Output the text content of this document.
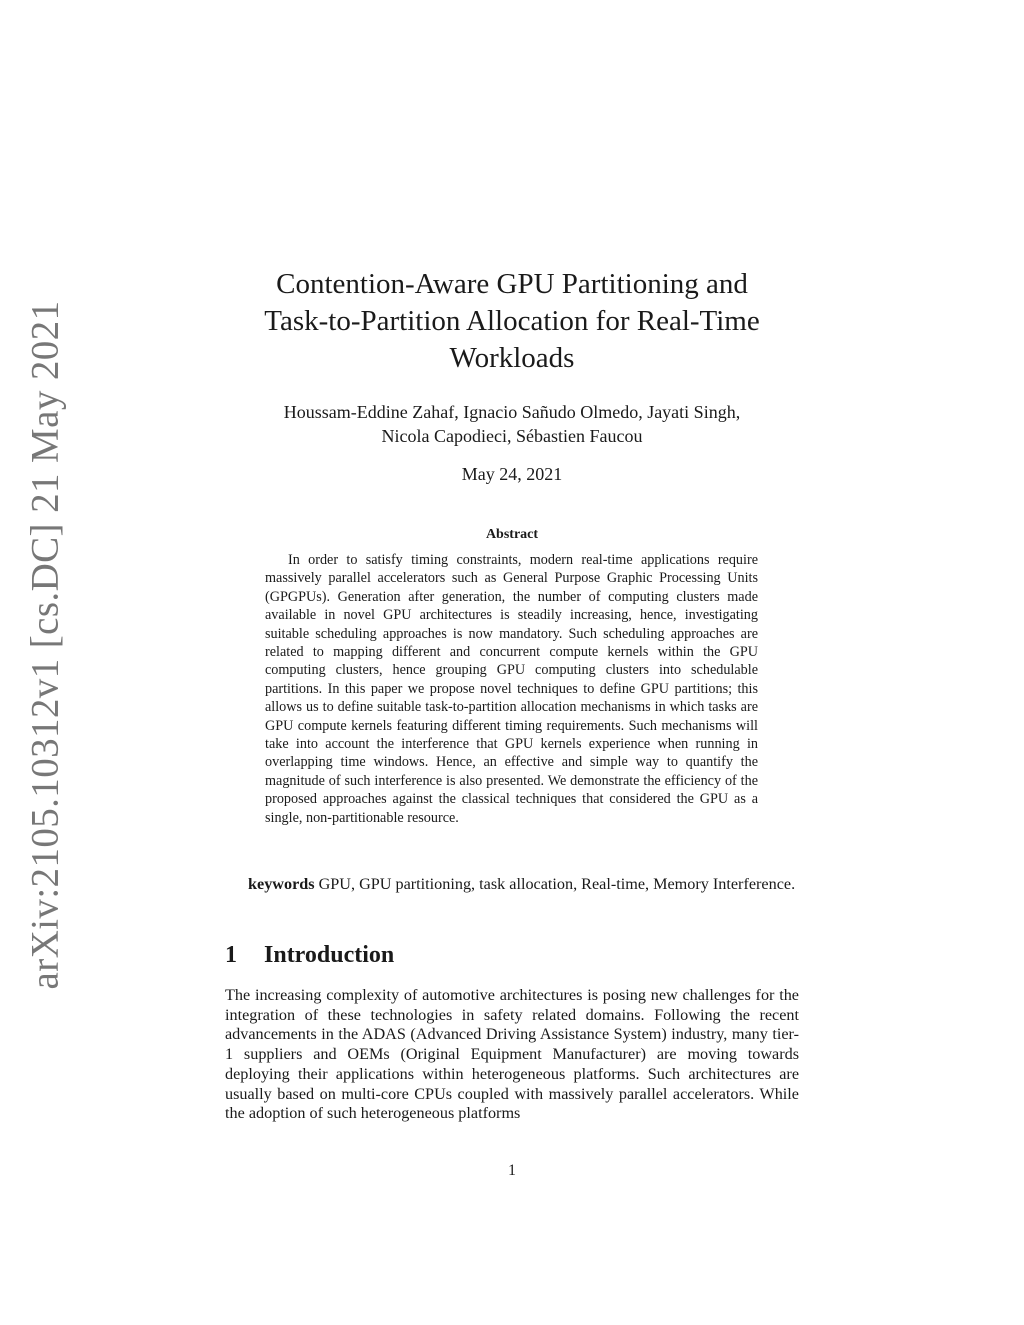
arXiv:2105.10312v1 [cs.DC] 21 May 2021
Contention-Aware GPU Partitioning and
Task-to-Partition Allocation for Real-Time
Workloads
Houssam-Eddine Zahaf, Ignacio Sañudo Olmedo, Jayati Singh,
Nicola Capodieci, Sébastien Faucou
May 24, 2021
Abstract
In order to satisfy timing constraints, modern real-time applications require massively parallel accelerators such as General Purpose Graphic Processing Units (GPGPUs). Generation after generation, the number of computing clusters made available in novel GPU architectures is steadily increasing, hence, investigating suitable scheduling approaches is now mandatory. Such scheduling approaches are related to mapping different and concurrent compute kernels within the GPU computing clusters, hence grouping GPU computing clusters into schedulable partitions. In this paper we propose novel techniques to define GPU partitions; this allows us to define suitable task-to-partition allocation mechanisms in which tasks are GPU compute kernels featuring different timing requirements. Such mechanisms will take into account the interference that GPU kernels experience when running in overlapping time windows. Hence, an effective and simple way to quantify the magnitude of such interference is also presented. We demonstrate the efficiency of the proposed approaches against the classical techniques that considered the GPU as a single, non-partitionable resource.
keywords GPU, GPU partitioning, task allocation, Real-time, Memory Interference.
1 Introduction
The increasing complexity of automotive architectures is posing new challenges for the integration of these technologies in safety related domains. Following the recent advancements in the ADAS (Advanced Driving Assistance System) industry, many tier-1 suppliers and OEMs (Original Equipment Manufacturer) are moving towards deploying their applications within heterogeneous platforms. Such architectures are usually based on multi-core CPUs coupled with massively parallel accelerators. While the adoption of such heterogeneous platforms
1
